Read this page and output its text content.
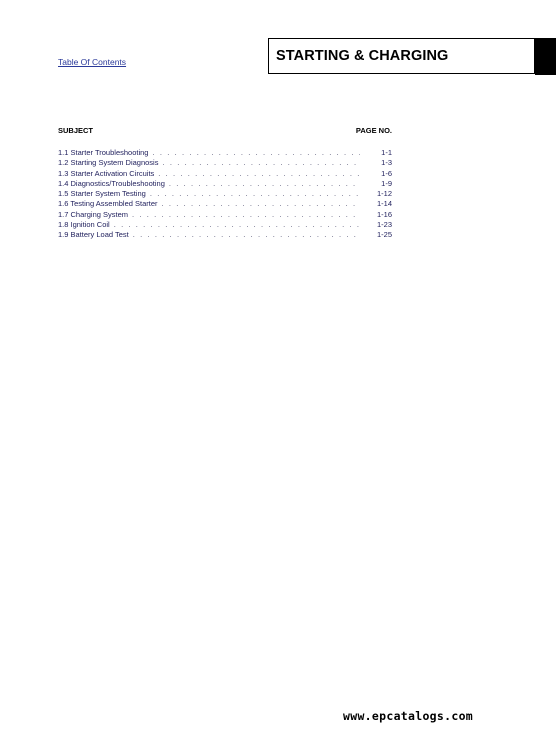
Table Of Contents	STARTING & CHARGING
SUBJECT	PAGE NO.
1.1 Starter Troubleshooting . . .	1-1
1.2 Starting System Diagnosis . . .	1-3
1.3 Starter Activation Circuits . . .	1-6
1.4 Diagnostics/Troubleshooting . . .	1-9
1.5 Starter System Testing . . .	1-12
1.6 Testing Assembled Starter . . .	1-14
1.7 Charging System . . .	1-16
1.8 Ignition Coil . . .	1-23
1.9 Battery Load Test . . .	1-25
www.epcatalogs.com
